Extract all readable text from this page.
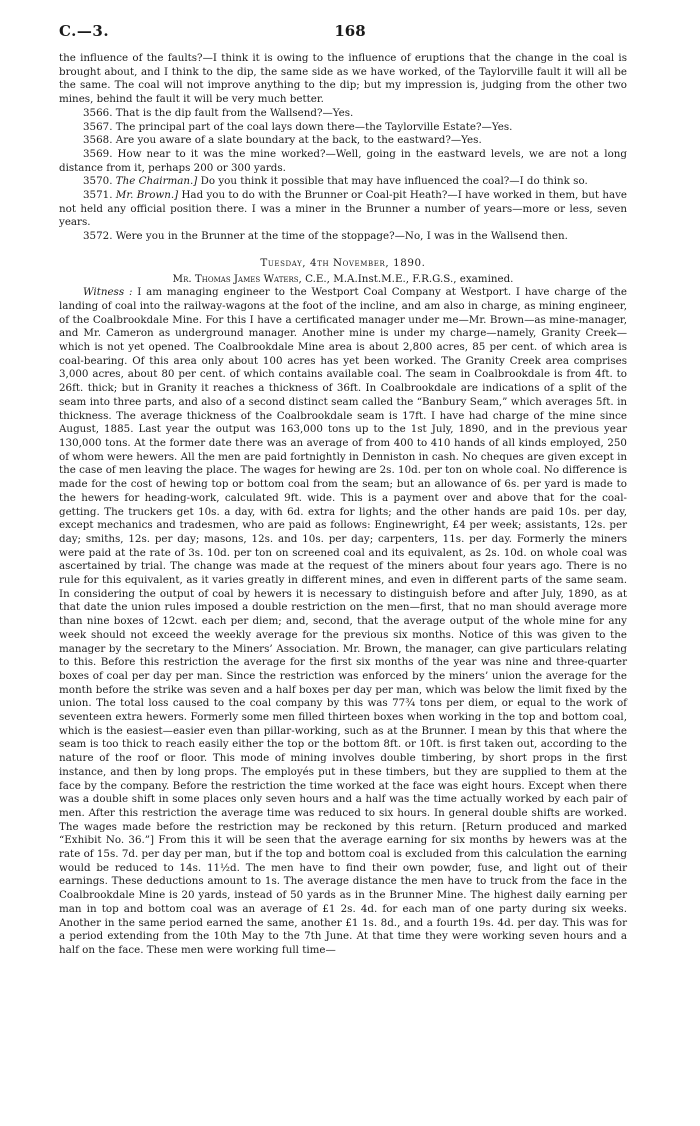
C.—3.	168

the influence of the faults?—I think it is owing to the influence of eruptions that the change in the coal is brought about, and I think to the dip, the same side as we have worked, of the Taylorville fault it will all be the same. The coal will not improve anything to the dip; but my impression is, judging from the other two mines, behind the fault it will be very much better.

3566. That is the dip fault from the Wallsend?—Yes.

3567. The principal part of the coal lays down there—the Taylorville Estate?—Yes.

3568. Are you aware of a slate boundary at the back, to the eastward?—Yes.

3569. How near to it was the mine worked?—Well, going in the eastward levels, we are not a long distance from it, perhaps 200 or 300 yards.

3570. The Chairman.] Do you think it possible that may have influenced the coal?—I do think so.

3571. Mr. Brown.] Had you to do with the Brunner or Coal-pit Heath?—I have worked in them, but have not held any official position there. I was a miner in the Brunner a number of years—more or less, seven years.

3572. Were you in the Brunner at the time of the stoppage?—No, I was in the Wallsend then.

Tuesday, 4th November, 1890.

Mr. Thomas James Waters, C.E., M.A.Inst.M.E., F.R.G.S., examined.

Witness : I am managing engineer to the Westport Coal Company at Westport. I have charge of the landing of coal into the railway-wagons at the foot of the incline, and am also in charge, as mining engineer, of the Coalbrookdale Mine. For this I have a certificated manager under me—Mr. Brown—as mine-manager, and Mr. Cameron as underground manager. Another mine is under my charge—namely, Granity Creek—which is not yet opened. The Coalbrookdale Mine area is about 2,800 acres, 85 per cent. of which area is coal-bearing. Of this area only about 100 acres has yet been worked. The Granity Creek area comprises 3,000 acres, about 80 per cent. of which contains available coal. The seam in Coalbrookdale is from 4ft. to 26ft. thick; but in Granity it reaches a thickness of 36ft. In Coalbrookdale are indications of a split of the seam into three parts, and also of a second distinct seam called the “Banbury Seam,” which averages 5ft. in thickness. The average thickness of the Coalbrookdale seam is 17ft. I have had charge of the mine since August, 1885. Last year the output was 163,000 tons up to the 1st July, 1890, and in the previous year 130,000 tons. At the former date there was an average of from 400 to 410 hands of all kinds employed, 250 of whom were hewers. All the men are paid fortnightly in Denniston in cash. No cheques are given except in the case of men leaving the place. The wages for hewing are 2s. 10d. per ton on whole coal. No difference is made for the cost of hewing top or bottom coal from the seam; but an allowance of 6s. per yard is made to the hewers for heading-work, calculated 9ft. wide. This is a payment over and above that for the coal-getting. The truckers get 10s. a day, with 6d. extra for lights; and the other hands are paid 10s. per day, except mechanics and tradesmen, who are paid as follows: Enginewright, £4 per week; assistants, 12s. per day; smiths, 12s. per day; masons, 12s. and 10s. per day; carpenters, 11s. per day. Formerly the miners were paid at the rate of 3s. 10d. per ton on screened coal and its equivalent, as 2s. 10d. on whole coal was ascertained by trial. The change was made at the request of the miners about four years ago. There is no rule for this equivalent, as it varies greatly in different mines, and even in different parts of the same seam. In considering the output of coal by hewers it is necessary to distinguish before and after July, 1890, as at that date the union rules imposed a double restriction on the men—first, that no man should average more than nine boxes of 12cwt. each per diem; and, second, that the average output of the whole mine for any week should not exceed the weekly average for the previous six months. Notice of this was given to the manager by the secretary to the Miners’ Association. Mr. Brown, the manager, can give particulars relating to this. Before this restriction the average for the first six months of the year was nine and three-quarter boxes of coal per day per man. Since the restriction was enforced by the miners’ union the average for the month before the strike was seven and a half boxes per day per man, which was below the limit fixed by the union. The total loss caused to the coal company by this was 77¾ tons per diem, or equal to the work of seventeen extra hewers. Formerly some men filled thirteen boxes when working in the top and bottom coal, which is the easiest—easier even than pillar-working, such as at the Brunner. I mean by this that where the seam is too thick to reach easily either the top or the bottom 8ft. or 10ft. is first taken out, according to the nature of the roof or floor. This mode of mining involves double timbering, by short props in the first instance, and then by long props. The employés put in these timbers, but they are supplied to them at the face by the company. Before the restriction the time worked at the face was eight hours. Except when there was a double shift in some places only seven hours and a half was the time actually worked by each pair of men. After this restriction the average time was reduced to six hours. In general double shifts are worked. The wages made before the restriction may be reckoned by this return. [Return produced and marked “Exhibit No. 36.”] From this it will be seen that the average earning for six months by hewers was at the rate of 15s. 7d. per day per man, but if the top and bottom coal is excluded from this calculation the earning would be reduced to 14s. 11½d. The men have to find their own powder, fuse, and light out of their earnings. These deductions amount to 1s. The average distance the men have to truck from the face in the Coalbrookdale Mine is 20 yards, instead of 50 yards as in the Brunner Mine. The highest daily earning per man in top and bottom coal was an average of £1 2s. 4d. for each man of one party during six weeks. Another in the same period earned the same, another £1 1s. 8d., and a fourth 19s. 4d. per day. This was for a period extending from the 10th May to the 7th June. At that time they were working seven hours and a half on the face. These men were working full time—
